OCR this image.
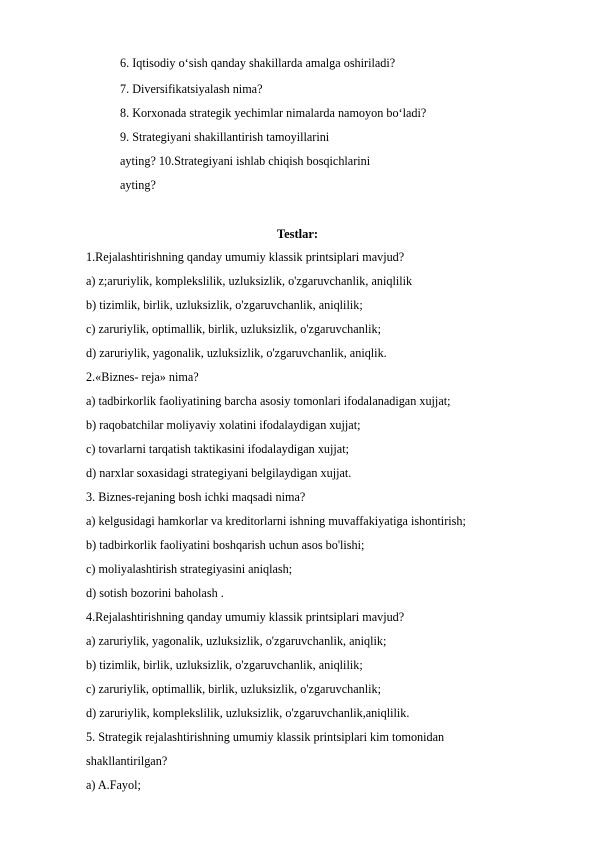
6. Iqtisodiy o‘sish qanday shakillarda amalga oshiriladi?
7. Diversifikatsiyalash nima?
8. Korxonada strategik yechimlar nimalarda namoyon bo‘ladi?
9. Strategiyani shakillantirish tamoyillarini
ayting? 10.Strategiyani ishlab chiqish bosqichlarini
ayting?
Testlar:
1.Rejalashtirishning qanday umumiy klassik printsiplari mavjud?
a) z;aruriylik, komplekslilik, uzluksizlik, o'zgaruvchanlik, aniqlilik
b) tizimlik, birlik, uzluksizlik, o'zgaruvchanlik, aniqlilik;
c) zaruriylik, optimallik, birlik, uzluksizlik, o'zgaruvchanlik;
d) zaruriylik, yagonalik, uzluksizlik, o'zgaruvchanlik, aniqlik.
2.«Biznes- reja» nima?
a) tadbirkorlik faoliyatining barcha asosiy tomonlari ifodalanadigan xujjat;
b) raqobatchilar moliyaviy xolatini ifodalaydigan xujjat;
c) tovarlarni tarqatish taktikasini ifodalaydigan xujjat;
d) narxlar soxasidagi strategiyani belgilaydigan xujjat.
3. Biznes-rejaning bosh ichki maqsadi nima?
a) kelgusidagi hamkorlar va kreditorlarni ishning muvaffakiyatiga ishontirish;
b) tadbirkorlik faoliyatini boshqarish uchun asos bo'lishi;
c) moliyalashtirish strategiyasini aniqlash;
d) sotish bozorini baholash .
4.Rejalashtirishning qanday umumiy klassik printsiplari mavjud?
a) zaruriylik, yagonalik, uzluksizlik, o'zgaruvchanlik, aniqlik;
b) tizimlik, birlik, uzluksizlik, o'zgaruvchanlik, aniqlilik;
c) zaruriylik, optimallik, birlik, uzluksizlik, o'zgaruvchanlik;
d) zaruriylik, komplekslilik, uzluksizlik, o'zgaruvchanlik,aniqlilik.
5. Strategik rejalashtirishning umumiy klassik printsiplari kim tomonidan
shakllantirilgan?
a) A.Fayol;
